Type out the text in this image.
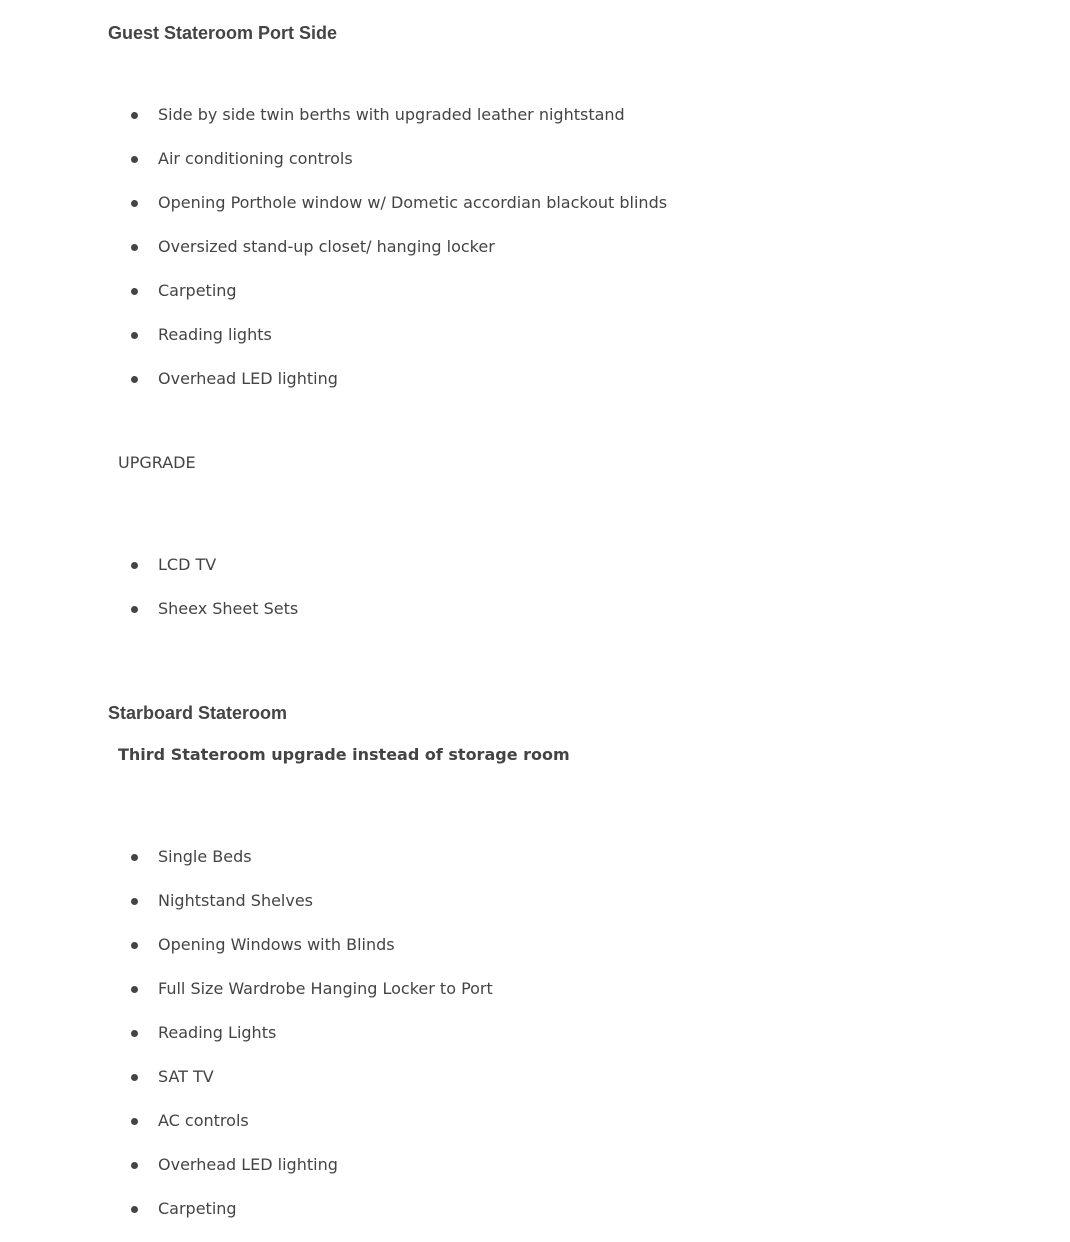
Guest Stateroom Port Side
Side by side twin berths with upgraded leather nightstand
Air conditioning controls
Opening Porthole window w/ Dometic accordian blackout blinds
Oversized stand-up closet/ hanging locker
Carpeting
Reading lights
Overhead LED lighting

UPGRADE

LCD TV
Sheex Sheet Sets
Starboard Stateroom

Third Stateroom upgrade instead of storage room

Single Beds
Nightstand Shelves
Opening Windows with Blinds
Full Size Wardrobe Hanging Locker to Port
Reading Lights
SAT TV
AC controls
Overhead LED lighting
Carpeting
